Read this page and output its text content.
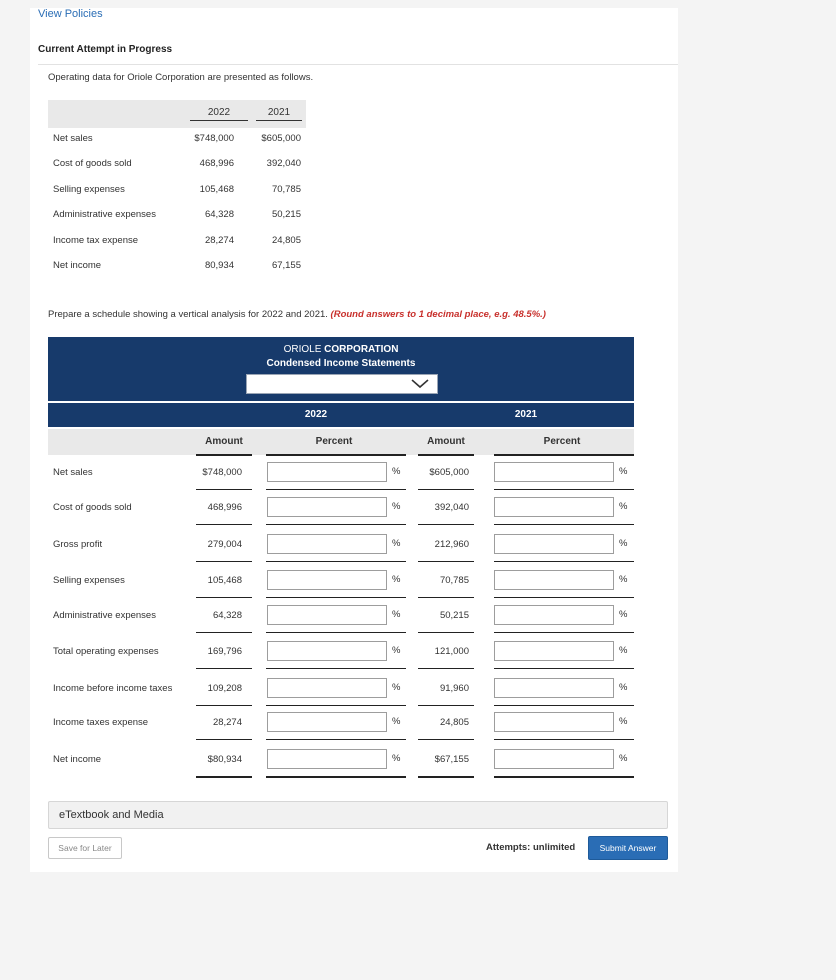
View Policies
Current Attempt in Progress
Operating data for Oriole Corporation are presented as follows.
2022	2021
Net sales	$748,000	$605,000
Cost of goods sold	468,996	392,040
Selling expenses	105,468	70,785
Administrative expenses	64,328	50,215
Income tax expense	28,274	24,805
Net income	80,934	67,155
Prepare a schedule showing a vertical analysis for 2022 and 2021. (Round answers to 1 decimal place, e.g. 48.5%.)
ORIOLE CORPORATION
Condensed Income Statements
2022	2021
Amount	Percent	Amount	Percent
Net sales	$748,000	%	$605,000	%
Cost of goods sold	468,996	%	392,040	%
Gross profit	279,004	%	212,960	%
Selling expenses	105,468	%	70,785	%
Administrative expenses	64,328	%	50,215	%
Total operating expenses	169,796	%	121,000	%
Income before income taxes	109,208	%	91,960	%
Income taxes expense	28,274	%	24,805	%
Net income	$80,934	%	$67,155	%
eTextbook and Media
Save for Later	Attempts: unlimited	Submit Answer
